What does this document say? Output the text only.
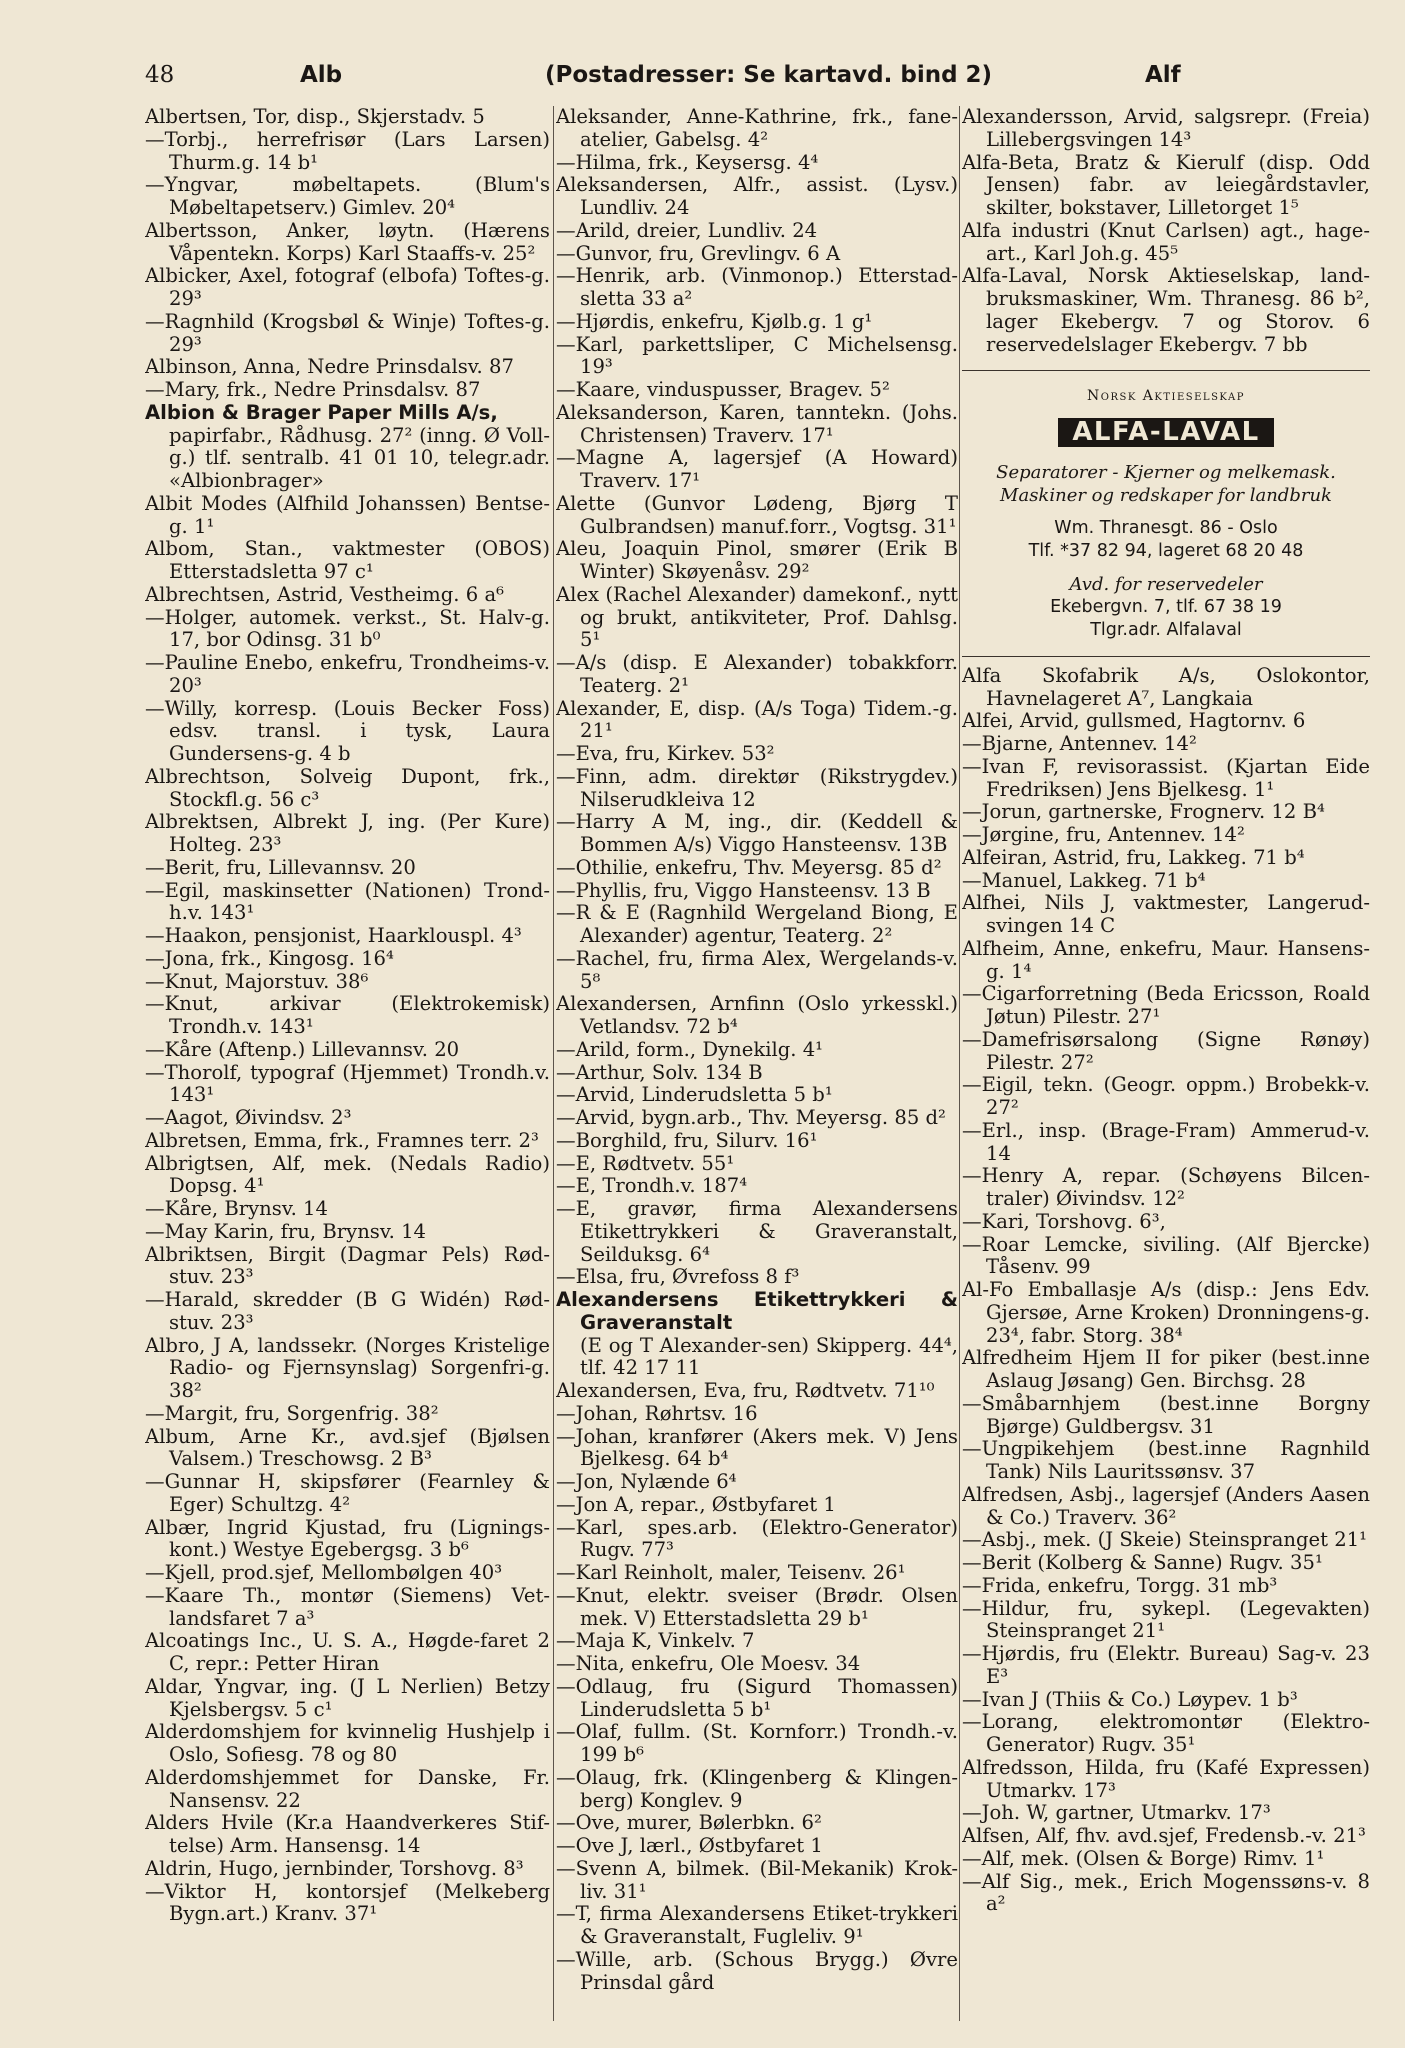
48	Alb	(Postadresser: Se kartavd. bind 2)	Alf
Albertsen, Tor, disp., Skjerstadv. 5
—Torbj., herrefrisør (Lars Larsen) Thurm.g. 14 b¹
—Yngvar, møbeltapets. (Blum's Møbeltapetserv.) Gimlev. 20⁴
Albertsson, Anker, løytn. (Hærens Våpentekn. Korps) Karl Staaffs-v. 25²
Albicker, Axel, fotograf (elbofa) Toftes-g. 29³
—Ragnhild (Krogsbøl & Winje) Toftes-g. 29³
Albinson, Anna, Nedre Prinsdalsv. 87
—Mary, frk., Nedre Prinsdalsv. 87
Albion & Brager Paper Mills A/s,
papirfabr., Rådhusg. 27² (inng. Ø Voll-g.) tlf. sentralb. 41 01 10, telegr.adr. «Albionbrager»
Albit Modes (Alfhild Johanssen) Bentse-g. 1¹
Albom, Stan., vaktmester (OBOS) Etterstadsletta 97 c¹
Albrechtsen, Astrid, Vestheimg. 6 a⁶
—Holger, automek. verkst., St. Halv-g. 17, bor Odinsg. 31 b⁰
—Pauline Enebo, enkefru, Trondheims-v. 20³
—Willy, korresp. (Louis Becker Foss) edsv. transl. i tysk, Laura Gundersens-g. 4 b
Albrechtson, Solveig Dupont, frk., Stockfl.g. 56 c³
Albrektsen, Albrekt J, ing. (Per Kure) Holteg. 23³
—Berit, fru, Lillevannsv. 20
—Egil, maskinsetter (Nationen) Trond-h.v. 143¹
—Haakon, pensjonist, Haarklouspl. 4³
—Jona, frk., Kingosg. 16⁴
—Knut, Majorstuv. 38⁶
—Knut, arkivar (Elektrokemisk) Trondh.v. 143¹
—Kåre (Aftenp.) Lillevannsv. 20
—Thorolf, typograf (Hjemmet) Trondh.v. 143¹
—Aagot, Øivindsv. 2³
Albretsen, Emma, frk., Framnes terr. 2³
Albrigtsen, Alf, mek. (Nedals Radio) Dopsg. 4¹
—Kåre, Brynsv. 14
—May Karin, fru, Brynsv. 14
Albriktsen, Birgit (Dagmar Pels) Rød-stuv. 23³
—Harald, skredder (B G Widén) Rød-stuv. 23³
Albro, J A, landssekr. (Norges Kristelige Radio- og Fjernsynslag) Sorgenfri-g. 38²
—Margit, fru, Sorgenfrig. 38²
Album, Arne Kr., avd.sjef (Bjølsen Valsem.) Treschowsg. 2 B³
—Gunnar H, skipsfører (Fearnley & Eger) Schultzg. 4²
Albær, Ingrid Kjustad, fru (Lignings-kont.) Westye Egebergsg. 3 b⁶
—Kjell, prod.sjef, Mellombølgen 40³
—Kaare Th., montør (Siemens) Vet-landsfaret 7 a³
Alcoatings Inc., U. S. A., Høgde-faret 2 C, repr.: Petter Hiran
Aldar, Yngvar, ing. (J L Nerlien) Betzy Kjelsbergsv. 5 c¹
Alderdomshjem for kvinnelig Hushjelp i Oslo, Sofiesg. 78 og 80
Alderdomshjemmet for Danske, Fr. Nansensv. 22
Alders Hvile (Kr.a Haandverkeres Stif-telse) Arm. Hansensg. 14
Aldrin, Hugo, jernbinder, Torshovg. 8³
—Viktor H, kontorsjef (Melkeberg Bygn.art.) Kranv. 37¹
Aleksander, Anne-Kathrine, frk., fane-atelier, Gabelsg. 4²
—Hilma, frk., Keysersg. 4⁴
Aleksandersen, Alfr., assist. (Lysv.) Lundliv. 24
—Arild, dreier, Lundliv. 24
—Gunvor, fru, Grevlingv. 6 A
—Henrik, arb. (Vinmonop.) Etterstad-sletta 33 a²
—Hjørdis, enkefru, Kjølb.g. 1 g¹
—Karl, parkettsliper, C Michelsensg. 19³
—Kaare, vinduspusser, Bragev. 5²
Aleksanderson, Karen, tanntekn. (Johs. Christensen) Traverv. 17¹
—Magne A, lagersjef (A Howard) Traverv. 17¹
Alette (Gunvor Lødeng, Bjørg T Gulbrandsen) manuf.forr., Vogtsg. 31¹
Aleu, Joaquin Pinol, smører (Erik B Winter) Skøyenåsv. 29²
Alex (Rachel Alexander) damekonf., nytt og brukt, antikviteter, Prof. Dahlsg. 5¹
—A/s (disp. E Alexander) tobakkforr. Teaterg. 2¹
Alexander, E, disp. (A/s Toga) Tidem.-g. 21¹
—Eva, fru, Kirkev. 53²
—Finn, adm. direktør (Rikstrygdev.) Nilserudkleiva 12
—Harry A M, ing., dir. (Keddell & Bommen A/s) Viggo Hansteensv. 13B
—Othilie, enkefru, Thv. Meyersg. 85 d²
—Phyllis, fru, Viggo Hansteensv. 13 B
—R & E (Ragnhild Wergeland Biong, E Alexander) agentur, Teaterg. 2²
—Rachel, fru, firma Alex, Wergelands-v. 5⁸
Alexandersen, Arnfinn (Oslo yrkesskl.) Vetlandsv. 72 b⁴
—Arild, form., Dynekilg. 4¹
—Arthur, Solv. 134 B
—Arvid, Linderudsletta 5 b¹
—Arvid, bygn.arb., Thv. Meyersg. 85 d²
—Borghild, fru, Silurv. 16¹
—E, Rødtvetv. 55¹
—E, Trondh.v. 187⁴
—E, gravør, firma Alexandersens Etikettrykkeri & Graveranstalt, Seilduksg. 6⁴
—Elsa, fru, Øvrefoss 8 f³
Alexandersens Etikettrykkeri & Graveranstalt
(E og T Alexander-sen) Skipperg. 44⁴, tlf. 42 17 11
Alexandersen, Eva, fru, Rødtvetv. 71¹⁰
—Johan, Røhrtsv. 16
—Johan, kranfører (Akers mek. V) Jens Bjelkesg. 64 b⁴
—Jon, Nylænde 6⁴
—Jon A, repar., Østbyfaret 1
—Karl, spes.arb. (Elektro-Generator) Rugv. 77³
—Karl Reinholt, maler, Teisenv. 26¹
—Knut, elektr. sveiser (Brødr. Olsen mek. V) Etterstadsletta 29 b¹
—Maja K, Vinkelv. 7
—Nita, enkefru, Ole Moesv. 34
—Odlaug, fru (Sigurd Thomassen) Linderudsletta 5 b¹
—Olaf, fullm. (St. Kornforr.) Trondh.-v. 199 b⁶
—Olaug, frk. (Klingenberg & Klingen-berg) Konglev. 9
—Ove, murer, Bølerbkn. 6²
—Ove J, lærl., Østbyfaret 1
—Svenn A, bilmek. (Bil-Mekanik) Krok-liv. 31¹
—T, firma Alexandersens Etiket-trykkeri & Graveranstalt, Fugleliv. 9¹
—Wille, arb. (Schous Brygg.) Øvre Prinsdal gård
Alexandersson, Arvid, salgsrepr. (Freia) Lillebergsvingen 14³
Alfa-Beta, Bratz & Kierulf (disp. Odd Jensen) fabr. av leiegårdstavler, skilter, bokstaver, Lilletorget 1⁵
Alfa industri (Knut Carlsen) agt., hage-art., Karl Joh.g. 45⁵
Alfa-Laval, Norsk Aktieselskap, land-bruksmaskiner, Wm. Thranesg. 86 b², lager Ekebergv. 7 og Storov. 6 reservedelslager Ekebergv. 7 bb
Norsk Aktieselskap
ALFA-LAVAL
Separatorer - Kjerner og melkemask.
Maskiner og redskaper for landbruk
Wm. Thranesgt. 86 - Oslo
Tlf. *37 82 94, lageret 68 20 48
Avd. for reservedeler
Ekebergvn. 7, tlf. 67 38 19
Tlgr.adr. Alfalaval
Alfa Skofabrik A/s, Oslokontor, Havnelageret A⁷, Langkaia
Alfei, Arvid, gullsmed, Hagtornv. 6
—Bjarne, Antennev. 14²
—Ivan F, revisorassist. (Kjartan Eide Fredriksen) Jens Bjelkesg. 1¹
—Jorun, gartnerske, Frognerv. 12 B⁴
—Jørgine, fru, Antennev. 14²
Alfeiran, Astrid, fru, Lakkeg. 71 b⁴
—Manuel, Lakkeg. 71 b⁴
Alfhei, Nils J, vaktmester, Langerud-svingen 14 C
Alfheim, Anne, enkefru, Maur. Hansens-g. 1⁴
—Cigarforretning (Beda Ericsson, Roald Jøtun) Pilestr. 27¹
—Damefrisørsalong (Signe Rønøy) Pilestr. 27²
—Eigil, tekn. (Geogr. oppm.) Brobekk-v. 27²
—Erl., insp. (Brage-Fram) Ammerud-v. 14
—Henry A, repar. (Schøyens Bilcen-traler) Øivindsv. 12²
—Kari, Torshovg. 6³,
—Roar Lemcke, siviling. (Alf Bjercke) Tåsenv. 99
Al-Fo Emballasje A/s (disp.: Jens Edv. Gjersøe, Arne Kroken) Dronningens-g. 23⁴, fabr. Storg. 38⁴
Alfredheim Hjem II for piker (best.inne Aslaug Jøsang) Gen. Birchsg. 28
—Småbarnhjem (best.inne Borgny Bjørge) Guldbergsv. 31
—Ungpikehjem (best.inne Ragnhild Tank) Nils Lauritssønsv. 37
Alfredsen, Asbj., lagersjef (Anders Aasen & Co.) Traverv. 36²
—Asbj., mek. (J Skeie) Steinspranget 21¹
—Berit (Kolberg & Sanne) Rugv. 35¹
—Frida, enkefru, Torgg. 31 mb³
—Hildur, fru, sykepl. (Legevakten) Steinspranget 21¹
—Hjørdis, fru (Elektr. Bureau) Sag-v. 23 E³
—Ivan J (Thiis & Co.) Løypev. 1 b³
—Lorang, elektromontør (Elektro-Generator) Rugv. 35¹
Alfredsson, Hilda, fru (Kafé Expressen) Utmarkv. 17³
—Joh. W, gartner, Utmarkv. 17³
Alfsen, Alf, fhv. avd.sjef, Fredensb.-v. 21³
—Alf, mek. (Olsen & Borge) Rimv. 1¹
—Alf Sig., mek., Erich Mogenssøns-v. 8 a²
